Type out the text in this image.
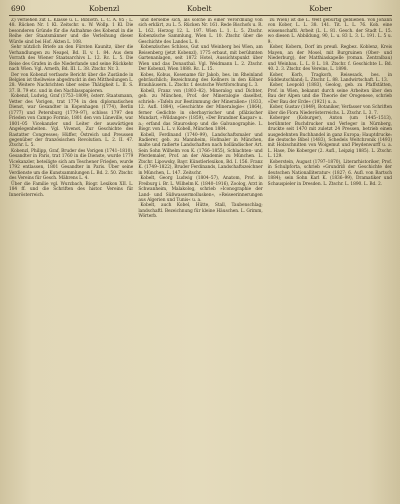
690	Kobenzl	Kobelt	Kober

Z) verliehen zut L. Klasse u. L. Biblioth. L. C. A. 85 ; L. 48. Rücken Nr. 1 Kl. Zeitschr. u. W. Wollp. 1 Kl. Die besonderen Gründe für die Aufnahme des Kobenzl in die Reihe der Staatsmänner und die Verleihung dieser Würde sind bei Hof. Akten L. 108.

Sehr nützlich Briefe an den Fürsten Kaunitz, über die Verhandlungen zu Neapel, Bd. II. v. 1. 84. Aus dem Vorrath des Wiener Staatsarchivs L. 12. Rc. L. 5. Die Reise des Grafen in die Niederlande und seine Rückkehr nach Wien. Vgl. Arneth, Bd. III. L. 38. Ztschr. Nr. 3.

Der von Kobenzl verfasste Bericht über die Zustände in Belgien ist theilweise abgedruckt in den Mittheilungen L. 28. Weitere Nachrichten über seine Thätigkeit L. II. S. 37. B. 79 etc. und in den Nachlasspapieren.

Kobenzl, Ludwig, Graf (1753–1809), österr. Staatsmann, Vetter des Vorigen, trat 1774 in den diplomatischen Dienst, war Gesandter in Kopenhagen (1774), Berlin (1777) und Petersburg (1779–97), schloss 1797 den Frieden von Campo Formio, 1801 den von Lüneville, war 1801–05 Vicekanzler und Leiter der auswärtigen Angelegenheiten. Vgl. Vivenot, Zur Geschichte des Rastatter Congresses; Hüffer, Östreich und Preussen gegenüber der französischen Revolution. L. 2. II. 47. Ztschr. L. 5.

Kobenzl, Philipp, Graf, Bruder des Vorigen (1741–1810), Gesandter in Paris, trat 1760 in die Dienste, wurde 1779 Vicekanzler, beteiligte sich am Teschener Frieden, wurde 1792 entlassen, 1801 Gesandter in Paris. Über seine Verdienste um die Kunstsammlungen L. Bd. 2. 50. Ztschr. des Vereins für Gesch. Mährens L. 4.

Über die Familie vgl. Wurzbach, Biogr. Lexikon XII. L. 184 ff. und die Schriften des histor. Vereins für Innerösterreich.

und derselbe sich, als solche in einer Verordnung von sich erklärt, zu L. 5. Rücken Nr. 161. Rede Bischofs u. R. L. 162. Herzog 12. L. 197. Wien L. 1. L. 5. Ztschr. Kobenzlsche Sammlung, Wien L. 10. Ztschr. über die Geschichte des Landes L. 8.

Kobenzlsches Schloss, Gut und Weinberg bei Wien, am Reisenberg (jetzt Kobenzl), 1775 erbaut, mit berühmten Gartenanlagen, seit 1872 Hotel, Aussichtspunkt über Wien und das Donauthal. Vgl. Weidmann L. 2. Ztschr. Der Kobenzl, Wien 1888. Rc. L. 15.

Kobes, Kobus, Kosename für Jakob, bes. im Rheinland gebräuchlich; Bezeichnung des Kellners in den Kölner Brauhäusern. L. Ztschr. f. deutsche Wortforschung L. 3.

Kobell, Franz von (1803–82), Mineralog und Dichter, geb. zu München, Prof. der Mineralogie daselbst, schrieb: »Tafeln zur Bestimmung der Mineralien« (1833, 12. Aufl. 1884), »Geschichte der Mineralogie« (1864), ferner Gedichte in oberbayrischer und pfälzischer Mundart, »Wildanger« (1859), »Der Brandner Kaspar« u. a.; erfand das Stauroskop und die Galvanographie. L. Biogr. von L. L. v. Kobell, München 1884.

Kobell, Ferdinand (1740–99), Landschaftsmaler und Radierer, geb. zu Mannheim, Hofmaler in München, malte und radierte Landschaften nach holländischer Art. Sein Sohn Wilhelm von K. (1766–1855), Schlachten- und Pferdemaler, Prof. an der Akademie zu München. L. Ztschr. Lipowsky, Bayr. Künstlerlexikon, Bd. I. 156. Franz K. (1749–1822), Bruder Ferdinands, Landschaftszeichner in München, L. 147. Zeitschr.

Kobelt, Georg Ludwig (1804–57), Anatom, Prof. in Freiburg i. Br. L. Wilhelm K. (1840–1916), Zoolog, Arzt in Schwanheim, Malakolog, schrieb »Iconographie der Land- und Süßwassermollusken«, »Reiseerinnerungen aus Algerien und Tunis« u. a.

Kobelt, auch Kobel, Hütte, Stall, Taubenschlag; landschaftl. Bezeichnung für kleine Häuschen. L. Grimm, Wörterb.

zu Wien) ist die L. Welt gebürtig geblieben. Von Johann von Kober, L. L. 38. 141. Tit. L. L. 76. Kob. eine wissenschaftl. Arbeit (L. L. 81. Gesch. der Stadt L. 15. wo diesen L. Abbildung, 90, L. u. 83 L. 3. L. 191. L. 5 u. 9.

Kober, Kobern, Dorf im preuß. Regbez. Koblenz, Kreis Mayen, an der Mosel, mit Burgruinen (Ober- und Niederburg), der Matthiaskapelle (roman. Zentralbau) und Weinbau. L. L. 8 L. 18. Ztschr. f. Geschichte L. Bd. 40. 2. 3. Ztschr. des Vereins, L. 1898.

Kober, Korb, Tragkorb, Reisesack, bes. in Süddeutschland; L. Ztschr. L. 88. Landwirtschaft. L. 13.

Kober, Leopold (1883), Geolog, geb. zu Pfaffstätten, Prof. in Wien, bekannt durch seine Arbeiten über den Bau der Alpen und die Theorie der Orogenese, schrieb »Der Bau der Erde« (1921) u. a.

Kober, Gustav (1849), Botaniker, Verfasser von Schriften über die Flora Niederösterreichs. L. Ztschr. L. 3. 7.

Koberger (Koburger), Anton (um 1445–1513), berühmter Buchdrucker und Verleger in Nürnberg, druckte seit 1470 mit zuletzt 24 Pressen, betrieb einen ausgedehnten Buchhandel in ganz Europa; Hauptdrucke: die deutsche Bibel (1483), Schedels Weltchronik (1493) mit Holzschnitten von Wolgemut und Pleydenwurff u. a. L. Hase, Die Koberger (2. Aufl., Leipzig 1885). L. Ztschr. L. 129.

Koberstein, August (1797–1870), Literarhistoriker, Prof. in Schulpforta, schrieb »Grundriß der Geschichte der deutschen Nationalliteratur« (1827; 6. Aufl. von Bartsch 1884); sein Sohn Karl K. (1836–99), Dramatiker und Schauspieler in Dresden. L. Ztschr. L. 1890. L. Bd. 2.
